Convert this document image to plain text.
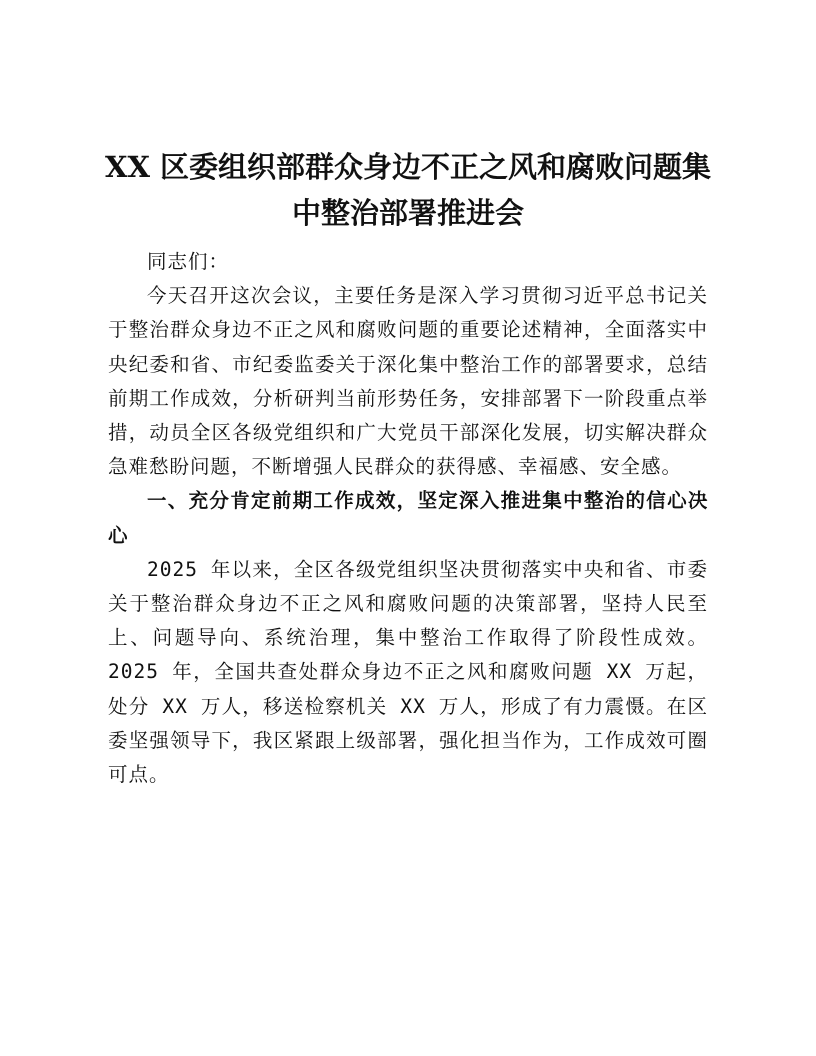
XX 区委组织部群众身边不正之风和腐败问题集中整治部署推进会

同志们：

今天召开这次会议，主要任务是深入学习贯彻习近平总书记关于整治群众身边不正之风和腐败问题的重要论述精神，全面落实中央纪委和省、市纪委监委关于深化集中整治工作的部署要求，总结前期工作成效，分析研判当前形势任务，安排部署下一阶段重点举措，动员全区各级党组织和广大党员干部深化发展，切实解决群众急难愁盼问题，不断增强人民群众的获得感、幸福感、安全感。

一、充分肯定前期工作成效，坚定深入推进集中整治的信心决心

2025 年以来，全区各级党组织坚决贯彻落实中央和省、市委关于整治群众身边不正之风和腐败问题的决策部署，坚持人民至上、问题导向、系统治理，集中整治工作取得了阶段性成效。2025 年，全国共查处群众身边不正之风和腐败问题 XX 万起，处分 XX 万人，移送检察机关 XX 万人，形成了有力震慑。在区委坚强领导下，我区紧跟上级部署，强化担当作为，工作成效可圈可点。
